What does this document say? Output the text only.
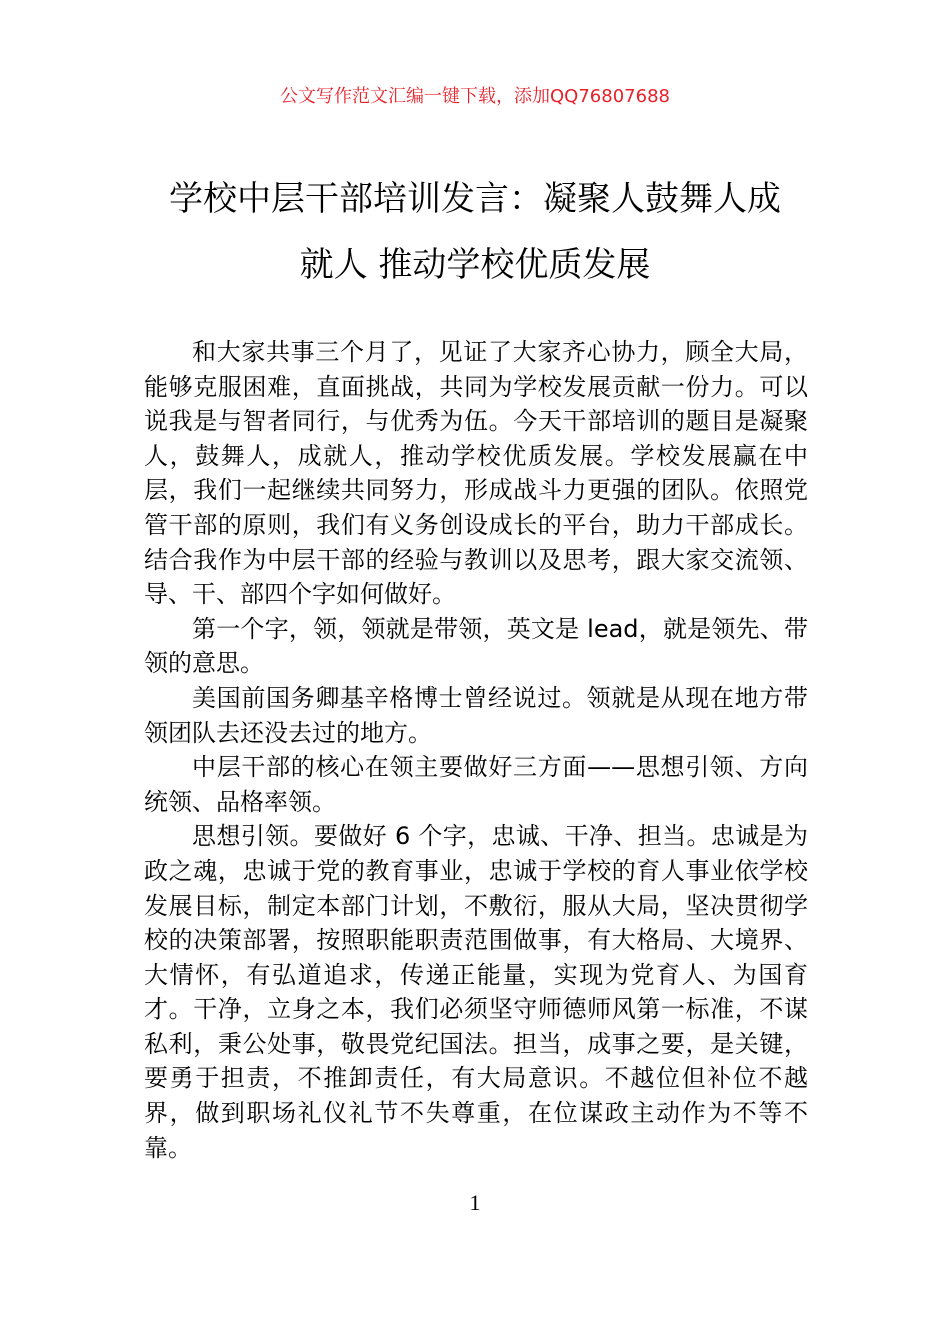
公文写作范文汇编一键下载，添加QQ76807688
学校中层干部培训发言：凝聚人鼓舞人成
就人 推动学校优质发展

和大家共事三个月了，见证了大家齐心协力，顾全大局，能够克服困难，直面挑战，共同为学校发展贡献一份力。可以说我是与智者同行，与优秀为伍。今天干部培训的题目是凝聚人，鼓舞人，成就人，推动学校优质发展。学校发展赢在中层，我们一起继续共同努力，形成战斗力更强的团队。依照党管干部的原则，我们有义务创设成长的平台，助力干部成长。结合我作为中层干部的经验与教训以及思考，跟大家交流领、导、干、部四个字如何做好。

第一个字，领，领就是带领，英文是 lead，就是领先、带领的意思。

美国前国务卿基辛格博士曾经说过。领就是从现在地方带领团队去还没去过的地方。

中层干部的核心在领主要做好三方面——思想引领、方向统领、品格率领。

思想引领。要做好 6 个字，忠诚、干净、担当。忠诚是为政之魂，忠诚于党的教育事业，忠诚于学校的育人事业依学校发展目标，制定本部门计划，不敷衍，服从大局，坚决贯彻学校的决策部署，按照职能职责范围做事，有大格局、大境界、大情怀，有弘道追求，传递正能量，实现为党育人、为国育才。干净，立身之本，我们必须坚守师德师风第一标准，不谋私利，秉公处事，敬畏党纪国法。担当，成事之要，是关键，要勇于担责，不推卸责任，有大局意识。不越位但补位不越界，做到职场礼仪礼节不失尊重，在位谋政主动作为不等不靠。

1
